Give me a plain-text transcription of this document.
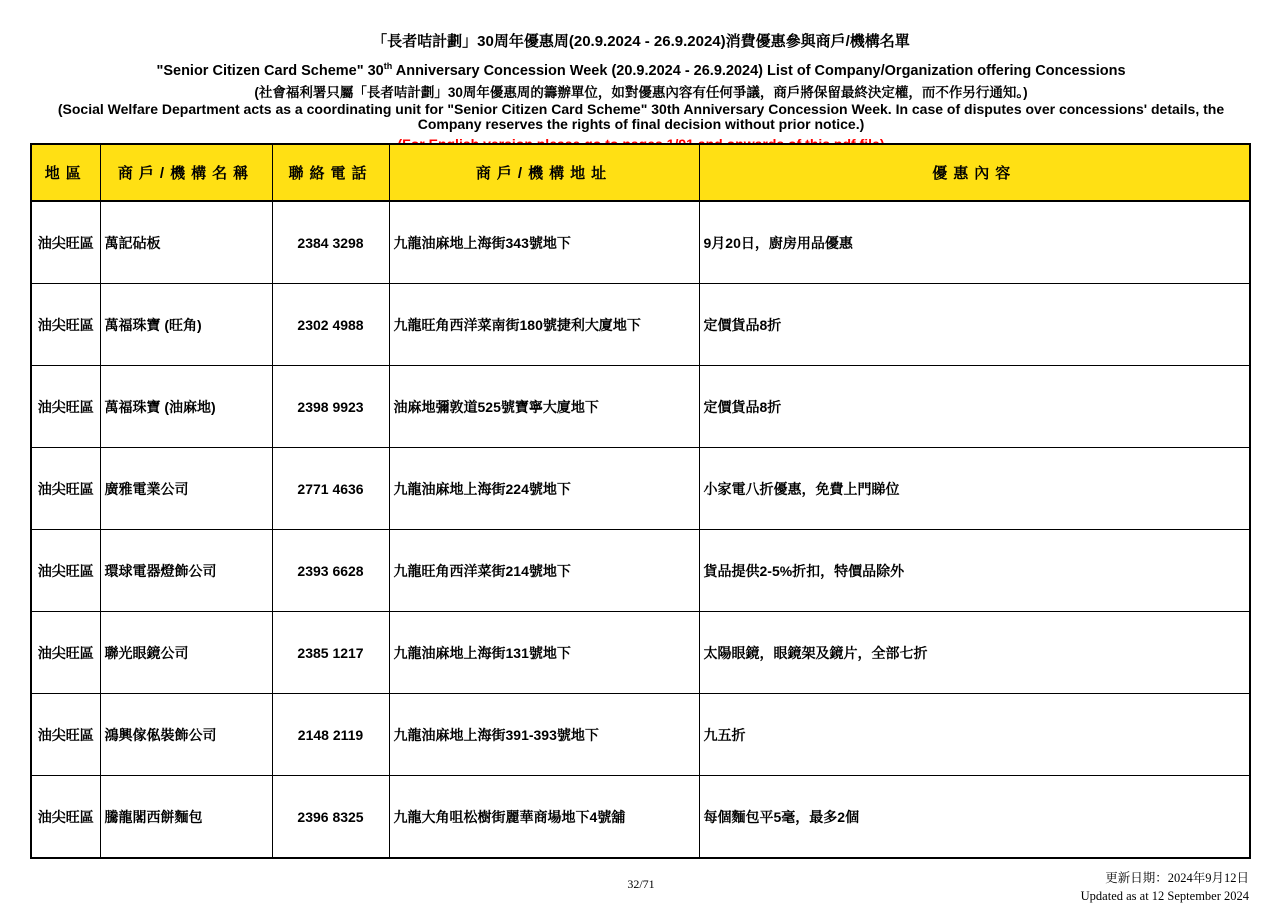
「長者咭計劃」30周年優惠周(20.9.2024 - 26.9.2024)消費優惠參與商戶/機構名單
"Senior Citizen Card Scheme" 30th Anniversary Concession Week (20.9.2024 - 26.9.2024) List of Company/Organization offering Concessions
(社會福利署只屬「長者咭計劃」30周年優惠周的籌辦單位，如對優惠內容有任何爭議，商戶將保留最終決定權，而不作另行通知。)
(Social Welfare Department acts as a coordinating unit for "Senior Citizen Card Scheme" 30th Anniversary Concession Week. In case of disputes over concessions' details, the Company reserves the rights of final decision without prior notice.)
地區	商戶/機構名稱	聯絡電話	商戶/機構地址	優惠內容
油尖旺區	萬記砧板	2384 3298	九龍油麻地上海街343號地下	9月20日，廚房用品優惠
油尖旺區	萬福珠寶 (旺角)	2302 4988	九龍旺角西洋菜南街180號捷利大廈地下	定價貨品8折
油尖旺區	萬福珠寶 (油麻地)	2398 9923	油麻地彌敦道525號寶寧大廈地下	定價貨品8折
油尖旺區	廣雅電業公司	2771 4636	九龍油麻地上海街224號地下	小家電八折優惠，免費上門睇位
油尖旺區	環球電器燈飾公司	2393 6628	九龍旺角西洋菜街214號地下	貨品提供2-5%折扣，特價品除外
油尖旺區	聯光眼鏡公司	2385 1217	九龍油麻地上海街131號地下	太陽眼鏡，眼鏡架及鏡片，全部七折
油尖旺區	鴻興傢俬裝飾公司	2148 2119	九龍油麻地上海街391-393號地下	九五折
油尖旺區	騰龍閣西餅麵包	2396 8325	九龍大角咀松樹街麗華商場地下4號舖	每個麵包平5毫，最多2個
32/71	更新日期：2024年9月12日
Updated as at 12 September 2024
